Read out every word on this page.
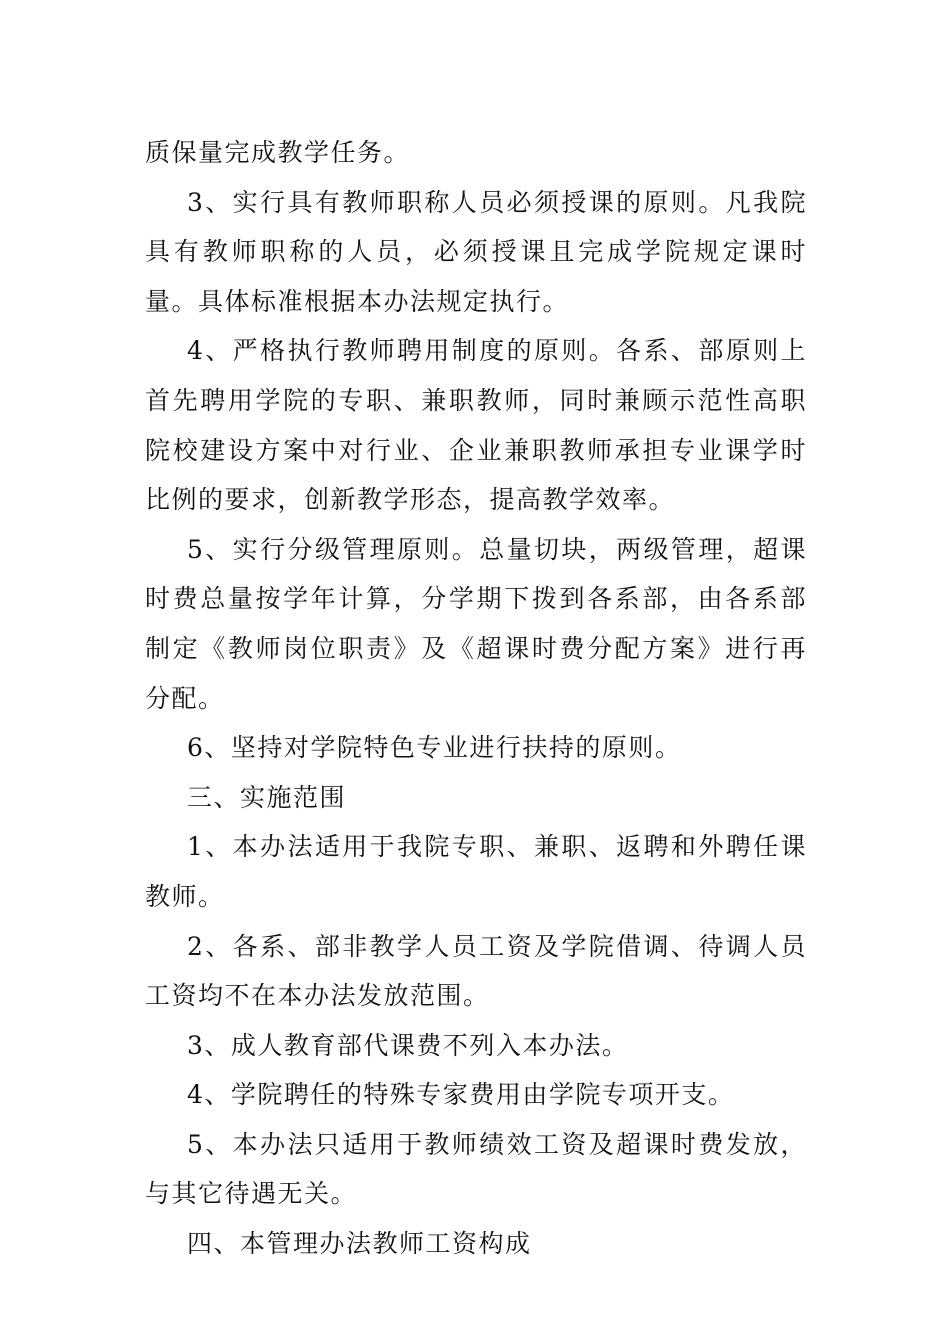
质保量完成教学任务。

3、实行具有教师职称人员必须授课的原则。凡我院具有教师职称的人员，必须授课且完成学院规定课时量。具体标准根据本办法规定执行。

4、严格执行教师聘用制度的原则。各系、部原则上首先聘用学院的专职、兼职教师，同时兼顾示范性高职院校建设方案中对行业、企业兼职教师承担专业课学时比例的要求，创新教学形态，提高教学效率。

5、实行分级管理原则。总量切块，两级管理，超课时费总量按学年计算，分学期下拨到各系部，由各系部制定《教师岗位职责》及《超课时费分配方案》进行再分配。

6、坚持对学院特色专业进行扶持的原则。

三、实施范围

1、本办法适用于我院专职、兼职、返聘和外聘任课教师。

2、各系、部非教学人员工资及学院借调、待调人员工资均不在本办法发放范围。

3、成人教育部代课费不列入本办法。

4、学院聘任的特殊专家费用由学院专项开支。

5、本办法只适用于教师绩效工资及超课时费发放，与其它待遇无关。

四、本管理办法教师工资构成
